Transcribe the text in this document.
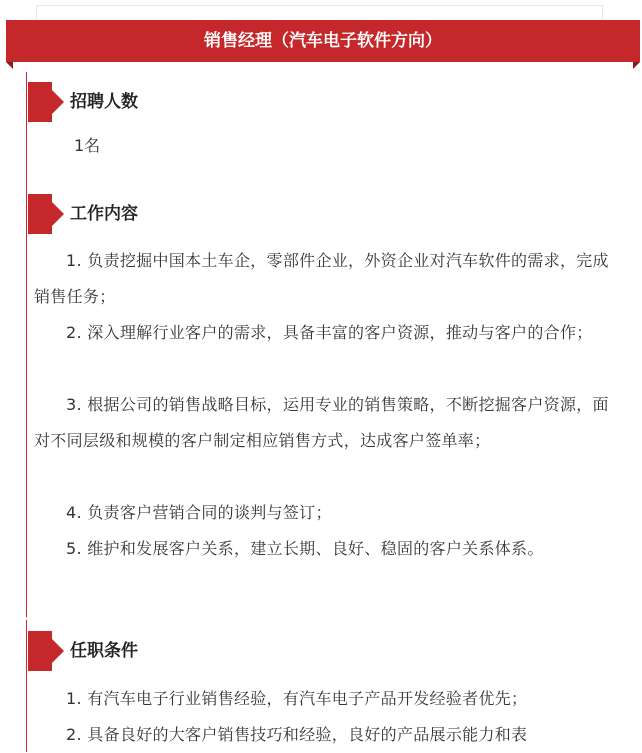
销售经理（汽车电子软件方向）
招聘人数
1名
工作内容

1. 负责挖掘中国本土车企，零部件企业，外资企业对汽车软件的需求，完成销售任务；

2. 深入理解行业客户的需求，具备丰富的客户资源，推动与客户的合作；

3. 根据公司的销售战略目标，运用专业的销售策略，不断挖掘客户资源，面对不同层级和规模的客户制定相应销售方式，达成客户签单率；

4. 负责客户营销合同的谈判与签订；

5. 维护和发展客户关系，建立长期、良好、稳固的客户关系体系。

任职条件

1. 有汽车电子行业销售经验，有汽车电子产品开发经验者优先；

2. 具备良好的大客户销售技巧和经验，良好的产品展示能力和表
